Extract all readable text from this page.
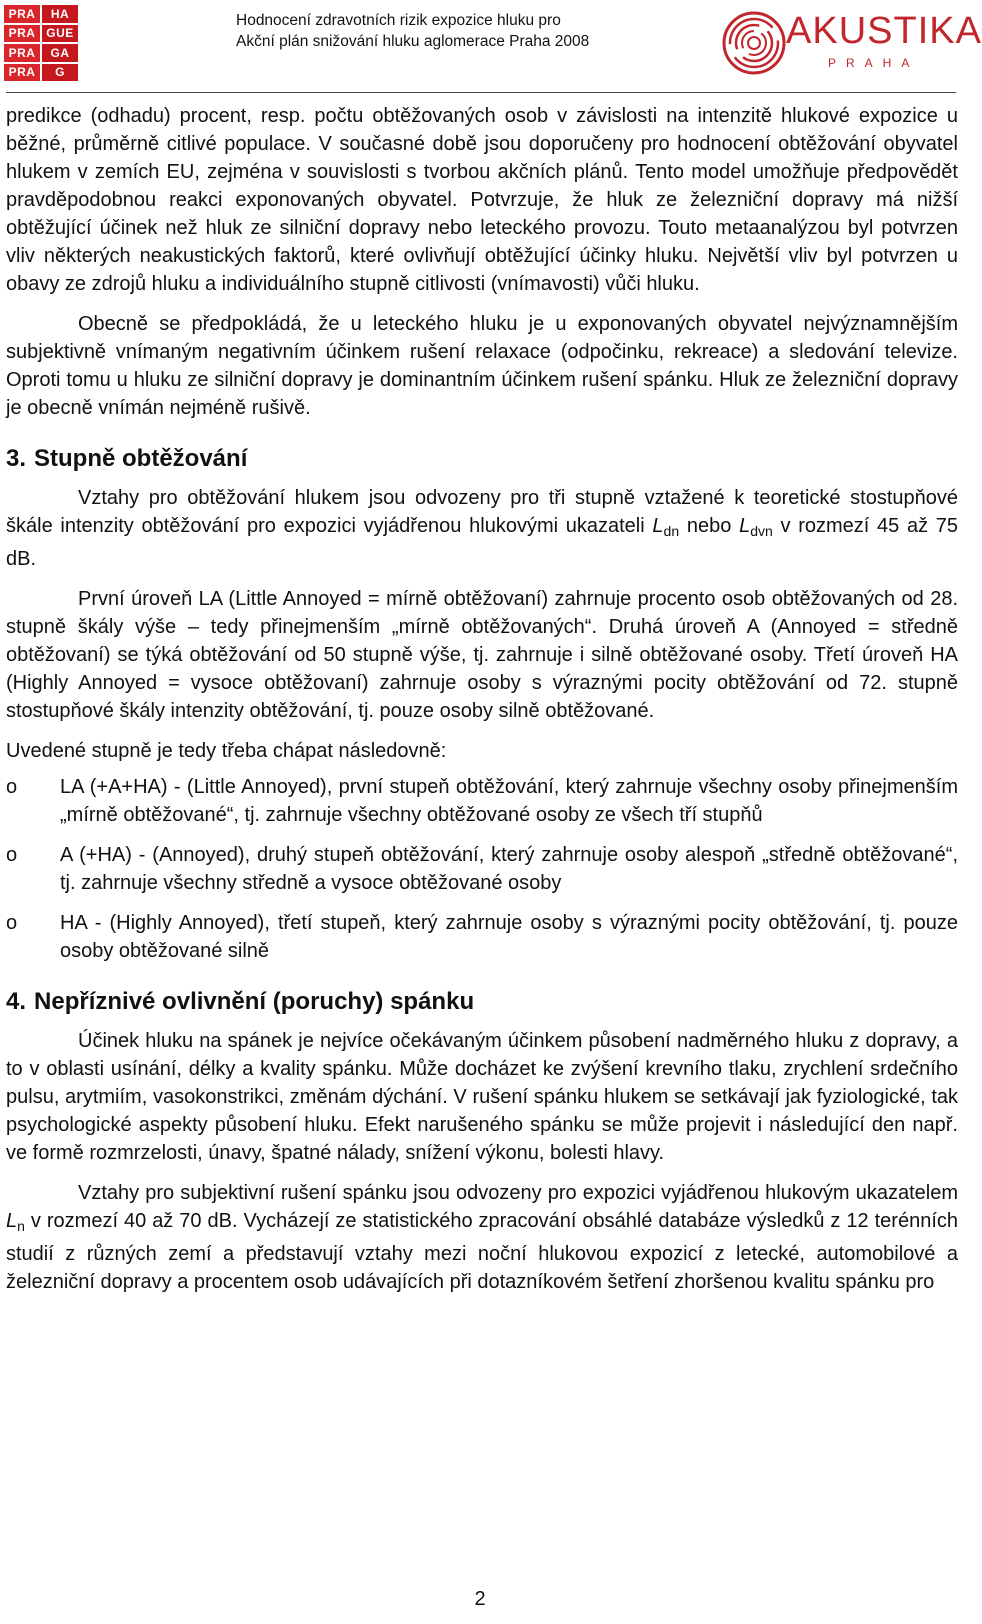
PRA	HA
PRA GUE
PRA	GA
PRA	G
Hodnocení zdravotních rizik expozice hluku pro
Akční plán snižování hluku aglomerace Praha 2008	AKUSTIKA
PRAHA

predikce (odhadu) procent, resp. počtu obtěžovaných osob v závislosti na intenzitě hlukové expozice u běžné, průměrně citlivé populace. V současné době jsou doporučeny pro hodnocení obtěžování obyvatel hlukem v zemích EU, zejména v souvislosti s tvorbou akčních plánů. Tento model umožňuje předpovědět pravděpodobnou reakci exponovaných obyvatel. Potvrzuje, že hluk ze železniční dopravy má nižší obtěžující účinek než hluk ze silniční dopravy nebo leteckého provozu. Touto metaanalýzou byl potvrzen vliv některých neakustických faktorů, které ovlivňují obtěžující účinky hluku. Největší vliv byl potvrzen u obavy ze zdrojů hluku a individuálního stupně citlivosti (vnímavosti) vůči hluku.

Obecně se předpokládá, že u leteckého hluku je u exponovaných obyvatel nejvýznamnějším subjektivně vnímaným negativním účinkem rušení relaxace (odpočinku, rekreace) a sledování televize. Oproti tomu u hluku ze silniční dopravy je dominantním účinkem rušení spánku. Hluk ze železniční dopravy je obecně vnímán nejméně rušivě.

3. Stupně obtěžování

Vztahy pro obtěžování hlukem jsou odvozeny pro tři stupně vztažené k teoretické stostupňové škále intenzity obtěžování pro expozici vyjádřenou hlukovými ukazateli $L_{dn}$ nebo $L_{dvn}$ v rozmezí 45 až 75 dB.

První úroveň LA (Little Annoyed = mírně obtěžovaní) zahrnuje procento osob obtěžovaných od 28. stupně škály výše – tedy přinejmenším „mírně obtěžovaných“. Druhá úroveň A (Annoyed = středně obtěžovaní) se týká obtěžování od 50 stupně výše, tj. zahrnuje i silně obtěžované osoby. Třetí úroveň HA (Highly Annoyed = vysoce obtěžovaní) zahrnuje osoby s výraznými pocity obtěžování od 72. stupně stostupňové škály intenzity obtěžování, tj. pouze osoby silně obtěžované.

Uvedené stupně je tedy třeba chápat následovně:

o LA (+A+HA) - (Little Annoyed), první stupeň obtěžování, který zahrnuje všechny osoby přinejmenším „mírně obtěžované“, tj. zahrnuje všechny obtěžované osoby ze všech tří stupňů
o A (+HA) - (Annoyed), druhý stupeň obtěžování, který zahrnuje osoby alespoň „středně obtěžované“, tj. zahrnuje všechny středně a vysoce obtěžované osoby
o HA - (Highly Annoyed), třetí stupeň, který zahrnuje osoby s výraznými pocity obtěžování, tj. pouze osoby obtěžované silně

4. Nepříznivé ovlivnění (poruchy) spánku

Účinek hluku na spánek je nejvíce očekávaným účinkem působení nadměrného hluku z dopravy, a to v oblasti usínání, délky a kvality spánku. Může docházet ke zvýšení krevního tlaku, zrychlení srdečního pulsu, arytmiím, vasokonstrikci, změnám dýchání. V rušení spánku hlukem se setkávají jak fyziologické, tak psychologické aspekty působení hluku. Efekt narušeného spánku se může projevit i následující den např. ve formě rozmrzelosti, únavy, špatné nálady, snížení výkonu, bolesti hlavy.

Vztahy pro subjektivní rušení spánku jsou odvozeny pro expozici vyjádřenou hlukovým ukazatelem $L_n$ v rozmezí 40 až 70 dB. Vycházejí ze statistického zpracování obsáhlé databáze výsledků z 12 terénních studií z různých zemí a představují vztahy mezi noční hlukovou expozicí z letecké, automobilové a železniční dopravy a procentem osob udávajících při dotazníkovém šetření zhoršenou kvalitu spánku pro

2
